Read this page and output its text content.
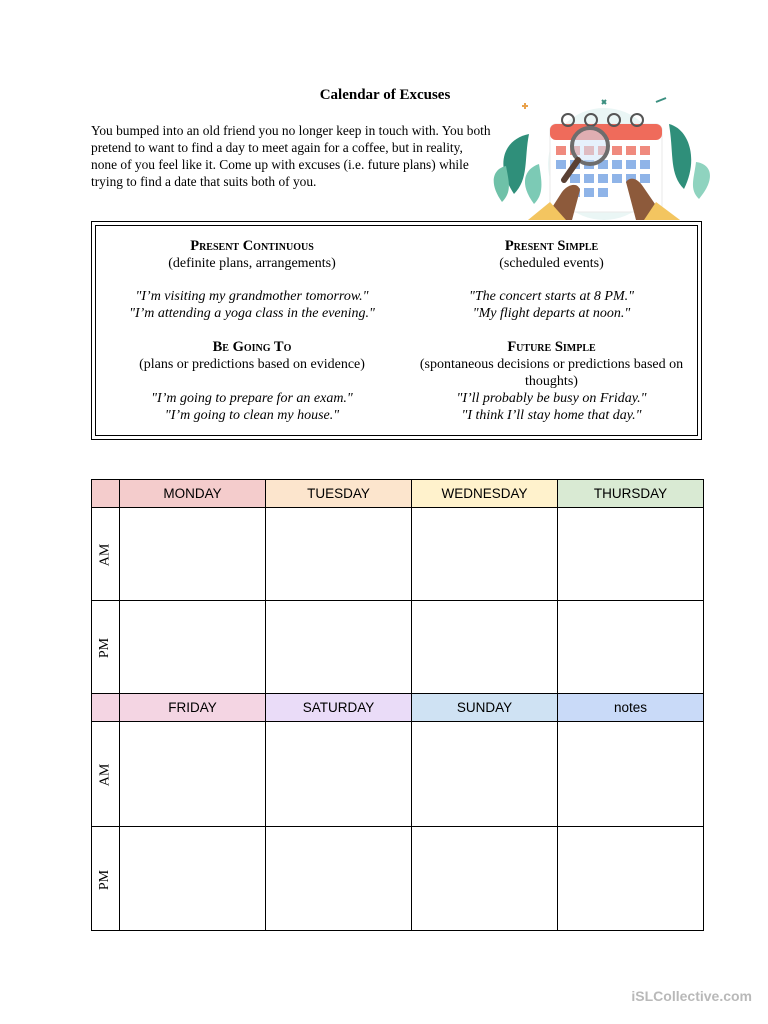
Calendar of Excuses
You bumped into an old friend you no longer keep in touch with. You both pretend to want to find a day to meet again for a coffee, but in reality, none of you feel like it. Come up with excuses (i.e. future plans) while trying to find a date that suits both of you.
Present Continuous
(definite plans, arrangements)
"I’m visiting my grandmother tomorrow."
"I’m attending a yoga class in the evening."
Present Simple
(scheduled events)
"The concert starts at 8 PM."
"My flight departs at noon."
Be Going To
(plans or predictions based on evidence)
"I’m going to prepare for an exam."
"I’m going to clean my house."
Future Simple
(spontaneous decisions or predictions based on thoughts)
"I’ll probably be busy on Friday."
"I think I’ll stay home that day."
	MONDAY	TUESDAY	WEDNESDAY	THURSDAY
AM				
PM				
	FRIDAY	SATURDAY	SUNDAY	notes
AM				
PM				
iSLCollective.com
